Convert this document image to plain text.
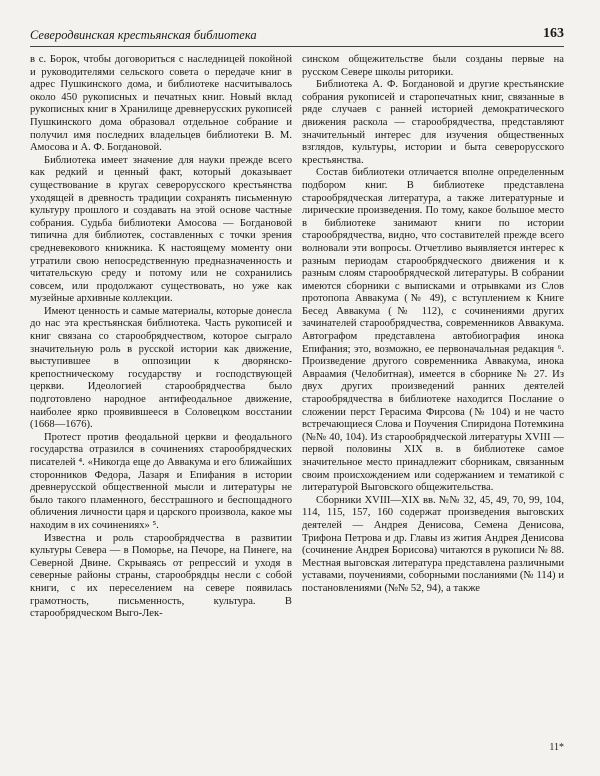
Северодвинская крестьянская библиотека	163

в с. Борок, чтобы договориться с наследницей покойной и руководителями сельского совета о передаче книг в адрес Пушкинского дома, и библиотеке насчитывалось около 450 рукописных и печатных книг. Новый вклад рукописных книг в Хранилище древнерусских рукописей Пушкинского дома образовал отдельное собрание и получил имя последних владельцев библиотеки В. М. Амосова и А. Ф. Богдановой.

Библиотека имеет значение для науки прежде всего как редкий и ценный факт, который доказывает существование в кругах северорусского крестьянства уходящей в древность традиции сохранять письменную культуру прошлого и создавать на этой основе частные собрания. Судьба библиотеки Амосова — Богдановой типична для библиотек, составленных с точки зрения средневекового книжника. К настоящему моменту они утратили свою непосредственную предназначенность и читательскую среду и потому или не сохранились совсем, или продолжают существовать, но уже как музейные архивные коллекции.

Имеют ценность и самые материалы, которые донесла до нас эта крестьянская библиотека. Часть рукописей и книг связана со старообрядчеством, которое сыграло значительную роль в русской истории как движение, выступившее в оппозиции к дворянско-крепостническому государству и господствующей церкви. Идеологией старообрядчества было подготовлено народное антифеодальное движение, наиболее ярко проявившееся в Соловецком восстании (1668—1676).

Протест против феодальной церкви и феодального государства отразился в сочинениях старообрядческих писателей ⁴. «Никогда еще до Аввакума и его ближайших сторонников Федора, Лазаря и Епифания в истории древнерусской общественной мысли и литературы не было такого пламенного, бесстрашного и беспощадного обличения личности царя и царского произвола, какое мы находим в их сочинениях» ⁵.

Известна и роль старообрядчества в развитии культуры Севера — в Поморье, на Печоре, на Пинеге, на Северной Двине. Скрываясь от репрессий и уходя в северные районы страны, старообрядцы несли с собой книги, с их переселением на севере появилась грамотность, письменность, культура. В старообрядческом Выго-Лек-

синском общежительстве были созданы первые на русском Севере школы риторики.

Библиотека А. Ф. Богдановой и другие крестьянские собрания рукописей и старопечатных книг, связанные в ряде случаев с ранней историей демократического движения раскола — старообрядчества, представляют значительный интерес для изучения общественных взглядов, культуры, истории и быта северорусского крестьянства.

Состав библиотеки отличается вполне определенным подбором книг. В библиотеке представлена старообрядческая литература, а также литературные и лирические произведения. По тому, какое большое место в библиотеке занимают книги по истории старообрядчества, видно, что составителей прежде всего волновали эти вопросы. Отчетливо выявляется интерес к разным периодам старообрядческого движения и к разным слоям старообрядческой литературы. В собрании имеются сборники с выписками и отрывками из Слов протопопа Аввакума (№ 49), с вступлением к Книге Бесед Аввакума (№ 112), с сочинениями других зачинателей старообрядчества, современников Аввакума. Автографом представлена автобиография инока Епифания; это, возможно, ее первоначальная редакция ⁶. Произведение другого современника Аввакума, инока Авраамия (Челобитная), имеется в сборнике № 27. Из двух других произведений ранних деятелей старообрядчества в библиотеке находится Послание о сложении перст Герасима Фирсова (№ 104) и не часто встречающиеся Слова и Поучения Спиридона Потемкина (№№ 40, 104). Из старообрядческой литературы XVIII — первой половины XIX в. в библиотеке самое значительное место принадлежит сборникам, связанным своим происхождением или содержанием и тематикой с литературой Выговского общежительства.

Сборники XVIII—XIX вв. №№ 32, 45, 49, 70, 99, 104, 114, 115, 157, 160 содержат произведения выговских деятелей — Андрея Денисова, Семена Денисова, Трифона Петрова и др. Главы из жития Андрея Денисова (сочинение Андрея Борисова) читаются в рукописи № 88. Местная выговская литература представлена различными уставами, поучениями, соборными посланиями (№ 114) и постановлениями (№№ 52, 94), а также

11*
